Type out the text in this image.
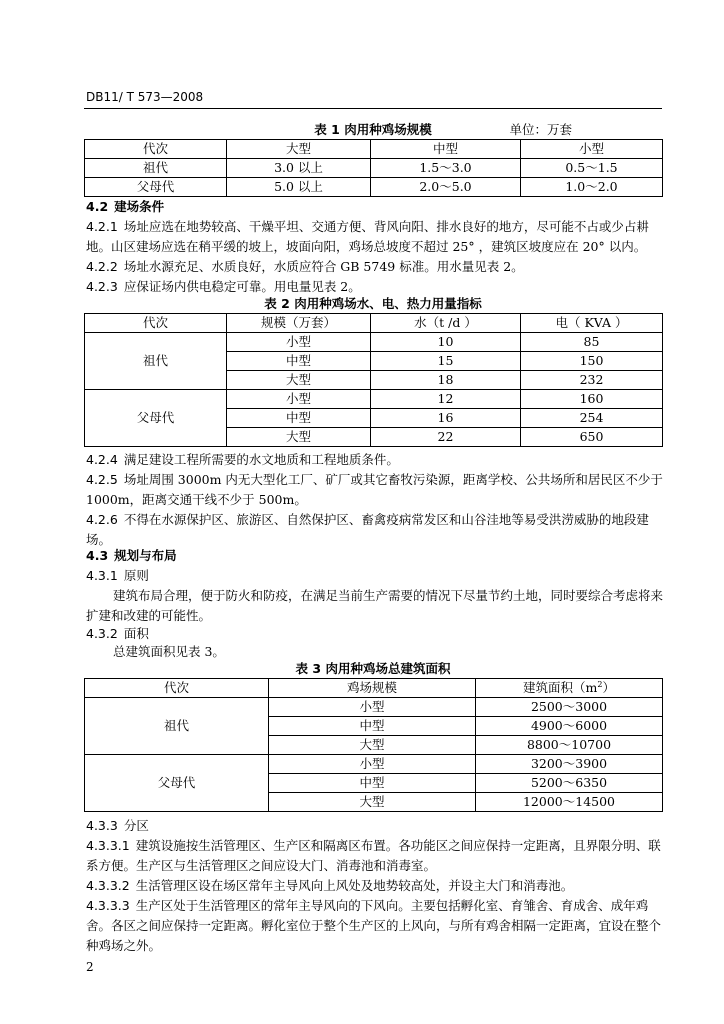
DB11/ T 573—2008
表 1 肉用种鸡场规模	单位：万套
代次	大型	中型	小型
祖代	3.0 以上	1.5～3.0	0.5～1.5
父母代	5.0 以上	2.0～5.0	1.0～2.0
4.2 建场条件
4.2.1 场址应选在地势较高、干燥平坦、交通方便、背风向阳、排水良好的地方，尽可能不占或少占耕地。山区建场应选在稍平缓的坡上，坡面向阳，鸡场总坡度不超过 25° ，建筑区坡度应在 20° 以内。
4.2.2 场址水源充足、水质良好，水质应符合 GB 5749 标准。用水量见表 2。
4.2.3 应保证场内供电稳定可靠。用电量见表 2。
表 2 肉用种鸡场水、电、热力用量指标
代次	规模（万套）	水（t /d ）	电（ KVA ）
祖代	小型	10	85
	中型	15	150
	大型	18	232
父母代	小型	12	160
	中型	16	254
	大型	22	650
4.2.4 满足建设工程所需要的水文地质和工程地质条件。
4.2.5 场址周围 3000m 内无大型化工厂、矿厂或其它畜牧污染源，距离学校、公共场所和居民区不少于 1000m，距离交通干线不少于 500m。
4.2.6 不得在水源保护区、旅游区、自然保护区、畜禽疫病常发区和山谷洼地等易受洪涝威胁的地段建场。
4.3 规划与布局
4.3.1 原则
建筑布局合理，便于防火和防疫，在满足当前生产需要的情况下尽量节约土地，同时要综合考虑将来扩建和改建的可能性。
4.3.2 面积
总建筑面积见表 3。
表 3 肉用种鸡场总建筑面积
代次	鸡场规模	建筑面积$(m^2)$
祖代	小型	2500～3000
	中型	4900～6000
	大型	8800～10700
父母代	小型	3200～3900
	中型	5200～6350
	大型	12000～14500
4.3.3 分区
4.3.3.1 建筑设施按生活管理区、生产区和隔离区布置。各功能区之间应保持一定距离，且界限分明、联系方便。生产区与生活管理区之间应设大门、消毒池和消毒室。
4.3.3.2 生活管理区设在场区常年主导风向上风处及地势较高处，并设主大门和消毒池。
4.3.3.3 生产区处于生活管理区的常年主导风向的下风向。主要包括孵化室、育雏舍、育成舍、成年鸡舍。各区之间应保持一定距离。孵化室位于整个生产区的上风向，与所有鸡舍相隔一定距离，宜设在整个种鸡场之外。
2
